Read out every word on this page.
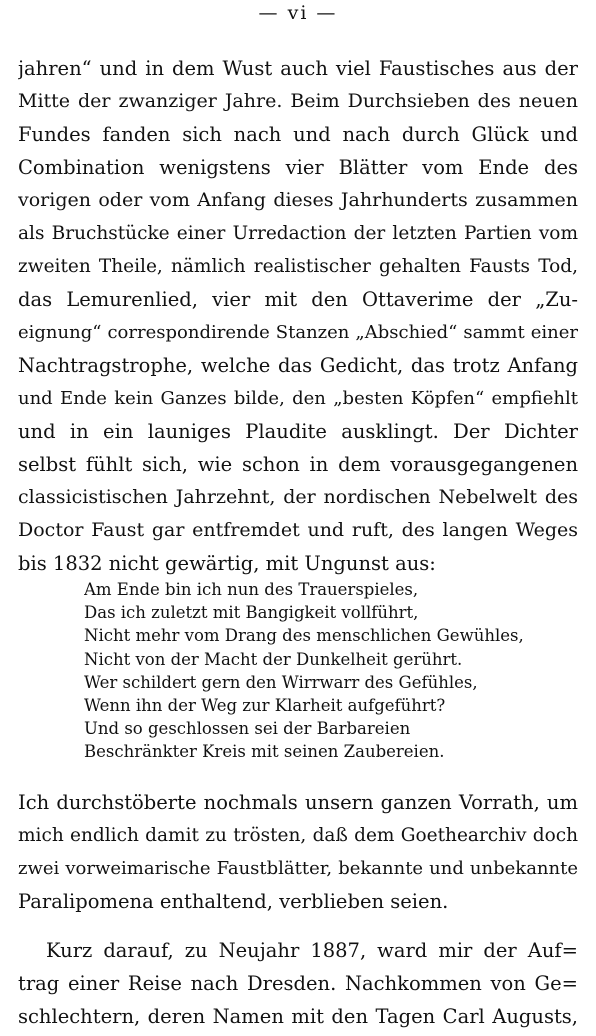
— vi —
jahren“ und in dem Wust auch viel Faustisches aus der
Mitte der zwanziger Jahre. Beim Durchsieben des neuen
Fundes fanden sich nach und nach durch Glück und
Combination wenigstens vier Blätter vom Ende des
vorigen oder vom Anfang dieses Jahrhunderts zusammen
als Bruchstücke einer Urredaction der letzten Partien vom
zweiten Theile, nämlich realistischer gehalten Fausts Tod,
das Lemurenlied, vier mit den Ottaverime der „Zu-
eignung“ correspondirende Stanzen „Abschied“ sammt einer
Nachtragstrophe, welche das Gedicht, das trotz Anfang
und Ende kein Ganzes bilde, den „besten Köpfen“ empfiehlt
und in ein launiges Plaudite ausklingt. Der Dichter
selbst fühlt sich, wie schon in dem vorausgegangenen
classicistischen Jahrzehnt, der nordischen Nebelwelt des
Doctor Faust gar entfremdet und ruft, des langen Weges
bis 1832 nicht gewärtig, mit Ungunst aus:
Am Ende bin ich nun des Trauerspieles,
Das ich zuletzt mit Bangigkeit vollführt,
Nicht mehr vom Drang des menschlichen Gewühles,
Nicht von der Macht der Dunkelheit gerührt.
Wer schildert gern den Wirrwarr des Gefühles,
Wenn ihn der Weg zur Klarheit aufgeführt?
Und so geschlossen sei der Barbareien
Beschränkter Kreis mit seinen Zaubereien.
Ich durchstöberte nochmals unsern ganzen Vorrath, um
mich endlich damit zu trösten, daß dem Goethearchiv doch
zwei vorweimarische Faustblätter, bekannte und unbekannte
Paralipomena enthaltend, verblieben seien.
Kurz darauf, zu Neujahr 1887, ward mir der Auf=
trag einer Reise nach Dresden. Nachkommen von Ge=
schlechtern, deren Namen mit den Tagen Carl Augusts,
